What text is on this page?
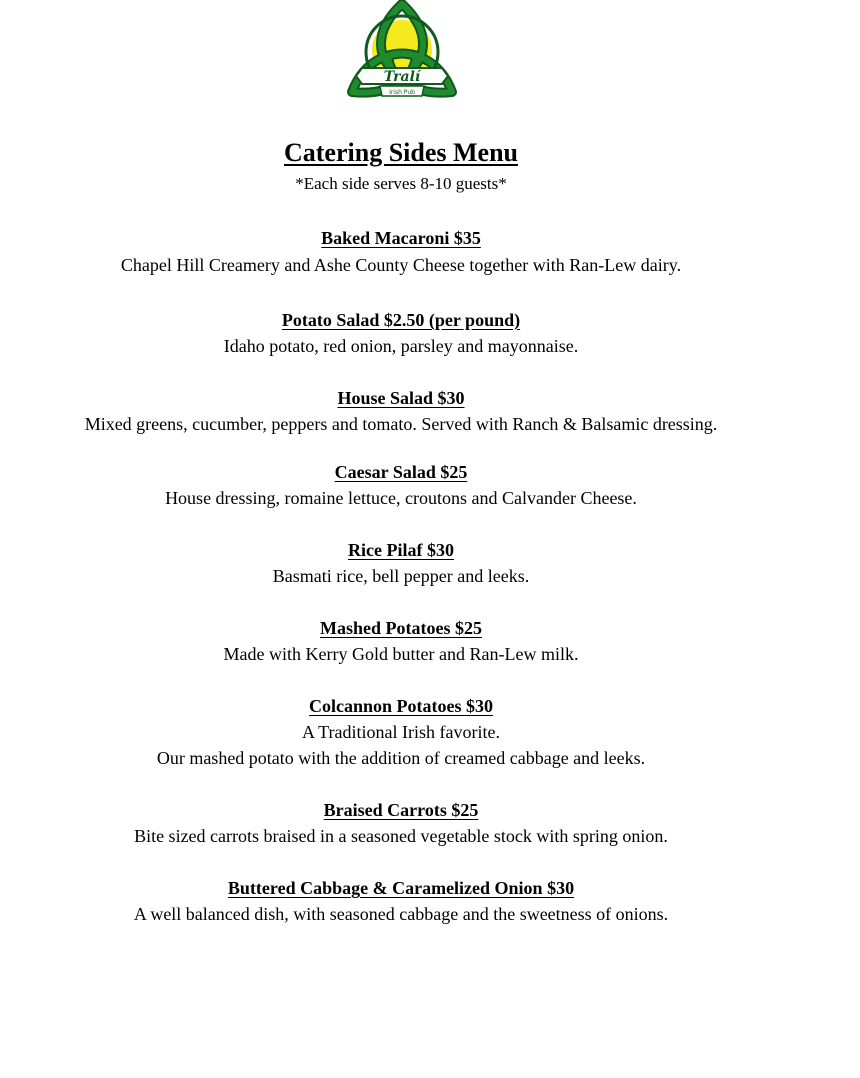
Tralí
Irish Pub
Catering Sides Menu

*Each side serves 8-10 guests*

Baked Macaroni $35

Chapel Hill Creamery and Ashe County Cheese together with Ran-Lew dairy.

Potato Salad $2.50 (per pound)

Idaho potato, red onion, parsley and mayonnaise.

House Salad $30

Mixed greens, cucumber, peppers and tomato. Served with Ranch & Balsamic dressing.

Caesar Salad $25

House dressing, romaine lettuce, croutons and Calvander Cheese.

Rice Pilaf $30

Basmati rice, bell pepper and leeks.

Mashed Potatoes $25

Made with Kerry Gold butter and Ran-Lew milk.

Colcannon Potatoes $30

A Traditional Irish favorite.

Our mashed potato with the addition of creamed cabbage and leeks.

Braised Carrots $25

Bite sized carrots braised in a seasoned vegetable stock with spring onion.

Buttered Cabbage & Caramelized Onion $30

A well balanced dish, with seasoned cabbage and the sweetness of onions.
